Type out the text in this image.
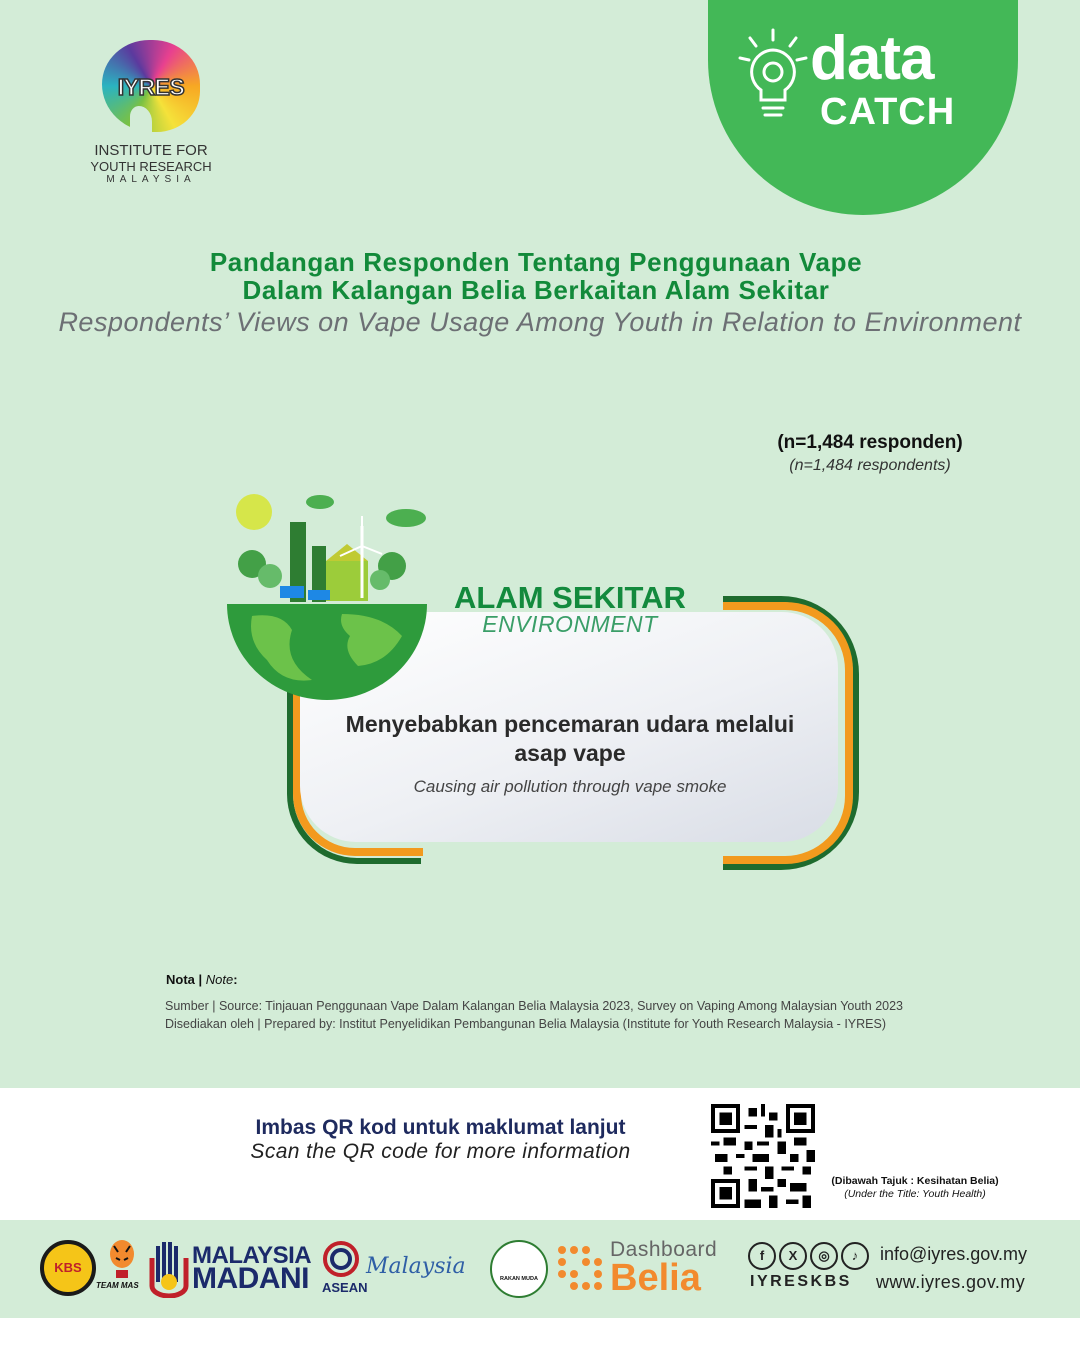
IYRES
INSTITUTE FOR
YOUTH RESEARCH
MALAYSIA
data
CATCH
Pandangan Responden Tentang Penggunaan Vape
Dalam Kalangan Belia Berkaitan Alam Sekitar
Respondents’ Views on Vape Usage Among Youth in Relation to Environment
(n=1,484 responden)
(n=1,484 respondents)
ALAM SEKITAR
ENVIRONMENT
Menyebabkan pencemaran udara melalui asap vape
Causing air pollution through vape smoke
Nota | Note:
Sumber | Source: Tinjauan Penggunaan Vape Dalam Kalangan Belia Malaysia 2023, Survey on Vaping Among Malaysian Youth 2023
Disediakan oleh | Prepared by: Institut Penyelidikan Pembangunan Belia Malaysia (Institute for Youth Research Malaysia - IYRES)
Imbas QR kod untuk maklumat lanjut
Scan the QR code for more information
(Dibawah Tajuk : Kesihatan Belia)
(Under the Title: Youth Health)
KBS
TEAM MAS
MALAYSIA
MADANI ASEAN
Malaysia	RAKAN MUDA
Dashboard
Belia
f X ◎ ♪
IYRESKBS
info@iyres.gov.my
www.iyres.gov.my
